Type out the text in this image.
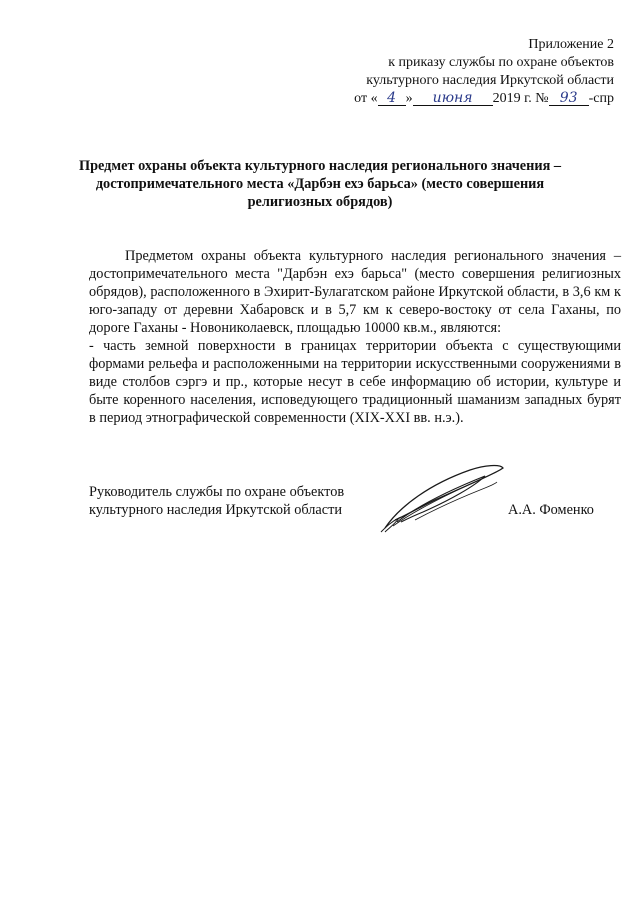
Приложение 2
к приказу службы по охране объектов
культурного наследия Иркутской области
от « 4 » июня 2019 г. № 93 -спр
Предмет охраны объекта культурного наследия регионального значения –
достопримечательного места «Дарбэн ехэ барьса» (место совершения
религиозных обрядов)

Предметом охраны объекта культурного наследия регионального значения – достопримечательного места "Дарбэн ехэ барьса" (место совершения религиозных обрядов), расположенного в Эхирит-Булагатском районе Иркутской области, в 3,6 км к юго-западу от деревни Хабаровск и в 5,7 км к северо-востоку от села Гаханы, по дороге Гаханы - Новониколаевск, площадью 10000 кв.м., являются:

- часть земной поверхности в границах территории объекта с существующими формами рельефа и расположенными на территории искусственными сооружениями в виде столбов сэргэ и пр., которые несут в себе информацию об истории, культуре и быте коренного населения, исповедующего традиционный шаманизм западных бурят в период этнографической современности (XIX-XXI вв. н.э.).

Руководитель службы по охране объектов
культурного наследия Иркутской области	А.А. Фоменко
